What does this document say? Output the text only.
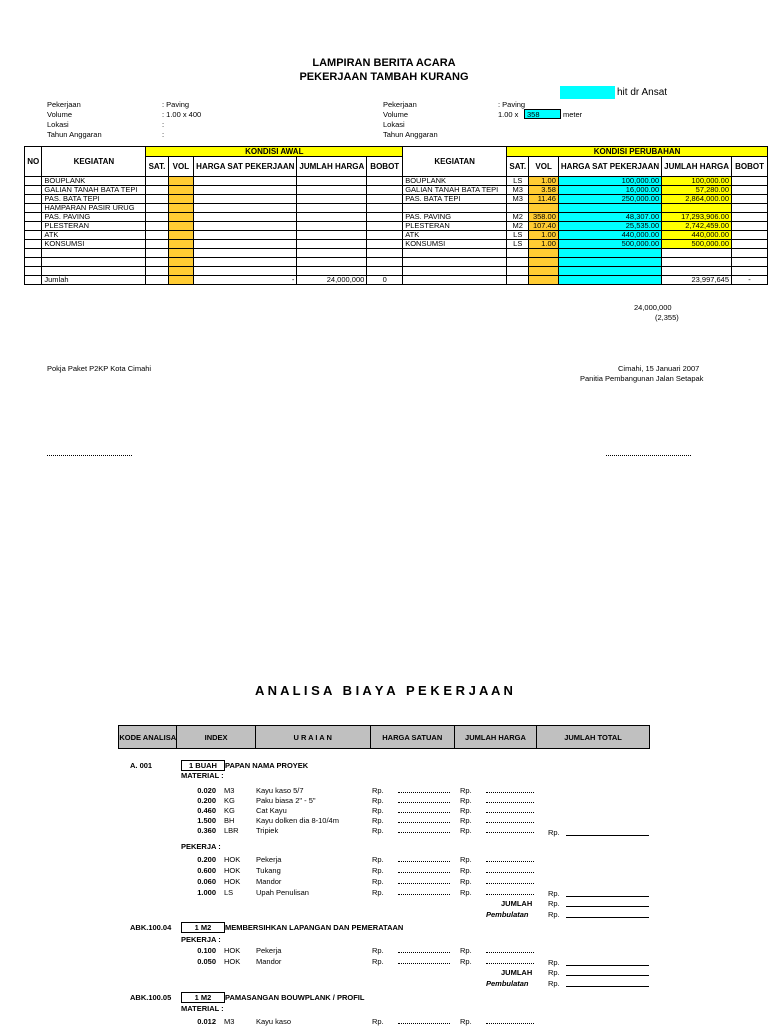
LAMPIRAN BERITA ACARA
PEKERJAAN TAMBAH KURANG
hit dr Ansat
Pekerjaan	: Paving
Volume	: 1.00 x 400
Lokasi	:
Tahun Anggaran	:
Pekerjaan	: Paving
Volume	1.00 x	358	meter
Lokasi
Tahun Anggaran
NO	KEGIATAN	KONDISI AWAL					KEGIATAN	KONDISI PERUBAHAN				
		SAT.	VOL	HARGA SAT PEKERJAAN	JUMLAH HARGA	BOBOT		SAT.	VOL	HARGA SAT PEKERJAAN	JUMLAH HARGA	BOBOT
	BOUPLANK						BOUPLANK	LS	1.00	100,000.00	100,000.00	
	GALIAN TANAH BATA TEPI						GALIAN TANAH BATA TEPI	M3	3.58	16,000.00	57,280.00	
	PAS. BATA TEPI						PAS. BATA TEPI	M3	11.46	250,000.00	2,864,000.00	
	HAMPARAN PASIR URUG											
	PAS. PAVING						PAS. PAVING	M2	358.00	48,307.00	17,293,906.00	
	PLESTERAN						PLESTERAN	M2	107.40	25,535.00	2,742,459.00	
	ATK						ATK	LS	1.00	440,000.00	440,000.00	
	KONSUMSI						KONSUMSI	LS	1.00	500,000.00	500,000.00	

	Jumlah			-	24,000,000	0					23,997,645	-
24,000,000
(2,355)
Pokja Paket P2KP Kota Cimahi	Cimahi, 15 Januari 2007
Panitia Pembangunan Jalan Setapak
A N A L I S A   B I A Y A   P E K E R J A A N
KODE ANALISA	INDEX	U R A I A N	HARGA SATUAN	JUMLAH HARGA	JUMLAH TOTAL
A. 001	1 BUAH	PAPAN NAMA PROYEK
MATERIAL :
0.020 M3	Kayu kaso 5/7	Rp.	Rp.
0.200 KG	Paku biasa 2" - 5"	Rp.	Rp.
0.460 KG	Cat Kayu	Rp.	Rp.
1.500 BH	Kayu dolken dia 8-10/4m	Rp.	Rp.
0.360 LBR Tripiek	Rp.	Rp.	Rp.
PEKERJA :
0.200 HOK Pekerja	Rp.	Rp.
0.600 HOK Tukang	Rp.	Rp.
0.060 HOK Mandor	Rp.	Rp.
1.000 LS	Upah Penulisan	Rp.	Rp.	Rp.
JUMLAH Rp.
Pembulatan	Rp.
ABK.100.04	1 M2	MEMBERSIHKAN LAPANGAN DAN PEMERATAAN
PEKERJA :
0.100 HOK Pekerja	Rp.	Rp.
0.050 HOK Mandor	Rp.	Rp.	Rp.
JUMLAH Rp.
Pembulatan	Rp.
ABK.100.05	1 M2	PAMASANGAN BOUWPLANK / PROFIL
MATERIAL :
0.012 M3	Kayu kaso	Rp.	Rp.
